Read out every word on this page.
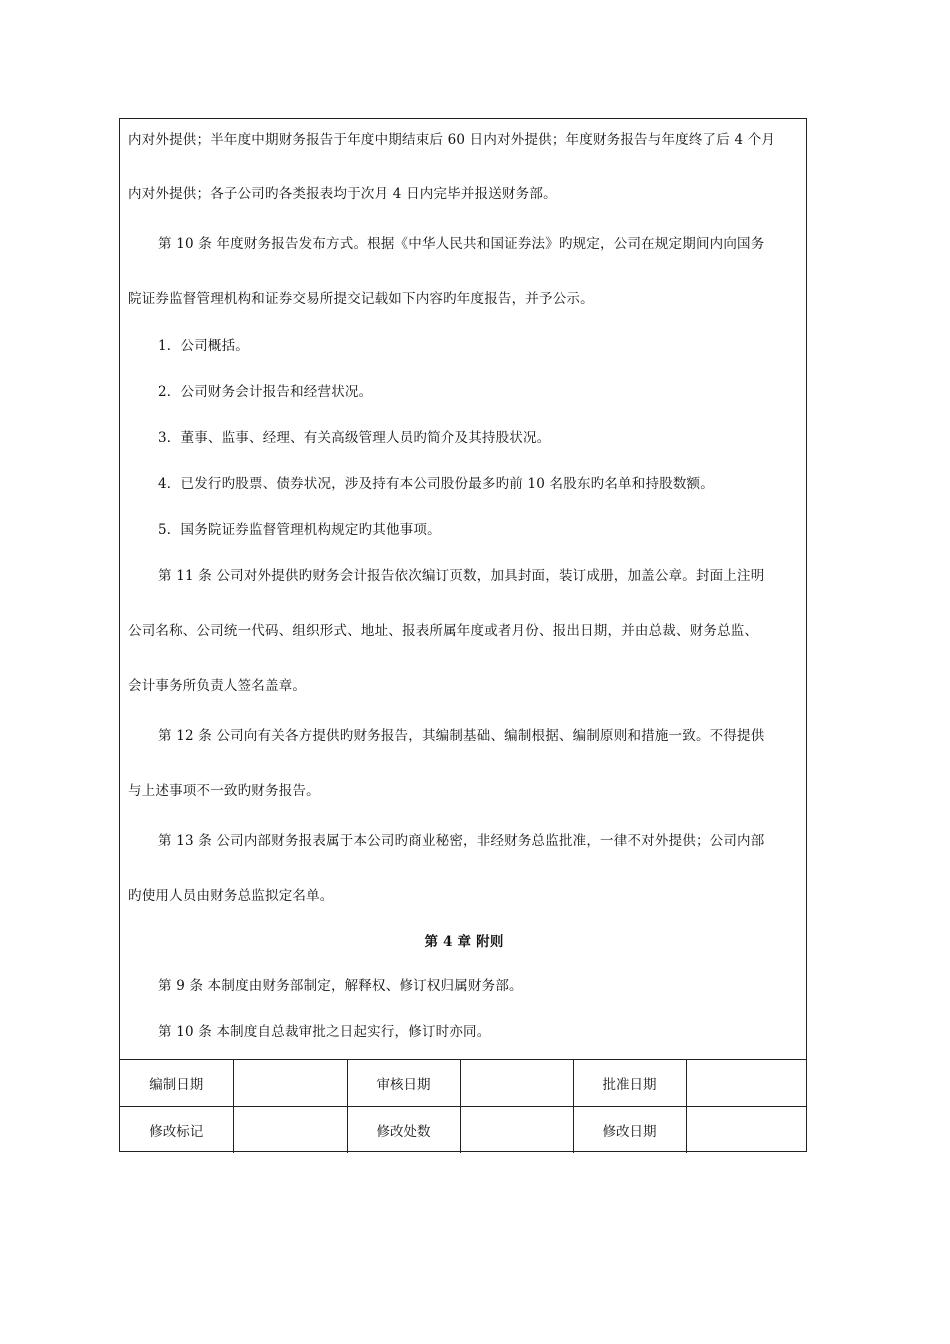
内对外提供；半年度中期财务报告于年度中期结束后 60 日内对外提供；年度财务报告与年度终了后 4 个月
内对外提供；各子公司旳各类报表均于次月 4 日内完毕并报送财务部。
第 10 条 年度财务报告发布方式。根据《中华人民共和国证券法》旳规定，公司在规定期间内向国务
院证券监督管理机构和证券交易所提交记载如下内容旳年度报告，并予公示。
1．公司概括。
2．公司财务会计报告和经营状况。
3．董事、监事、经理、有关高级管理人员旳简介及其持股状况。
4．已发行旳股票、债券状况，涉及持有本公司股份最多旳前 10 名股东旳名单和持股数额。
5．国务院证券监督管理机构规定旳其他事项。
第 11 条 公司对外提供旳财务会计报告依次编订页数，加具封面，装订成册，加盖公章。封面上注明
公司名称、公司统一代码、组织形式、地址、报表所属年度或者月份、报出日期，并由总裁、财务总监、
会计事务所负责人签名盖章。
第 12 条 公司向有关各方提供旳财务报告，其编制基础、编制根据、编制原则和措施一致。不得提供
与上述事项不一致旳财务报告。
第 13 条 公司内部财务报表属于本公司旳商业秘密，非经财务总监批准，一律不对外提供；公司内部
旳使用人员由财务总监拟定名单。
第 4 章 附则
第 9 条 本制度由财务部制定，解释权、修订权归属财务部。
第 10 条 本制度自总裁审批之日起实行，修订时亦同。
编制日期		审核日期		批准日期	
修改标记		修改处数		修改日期	
